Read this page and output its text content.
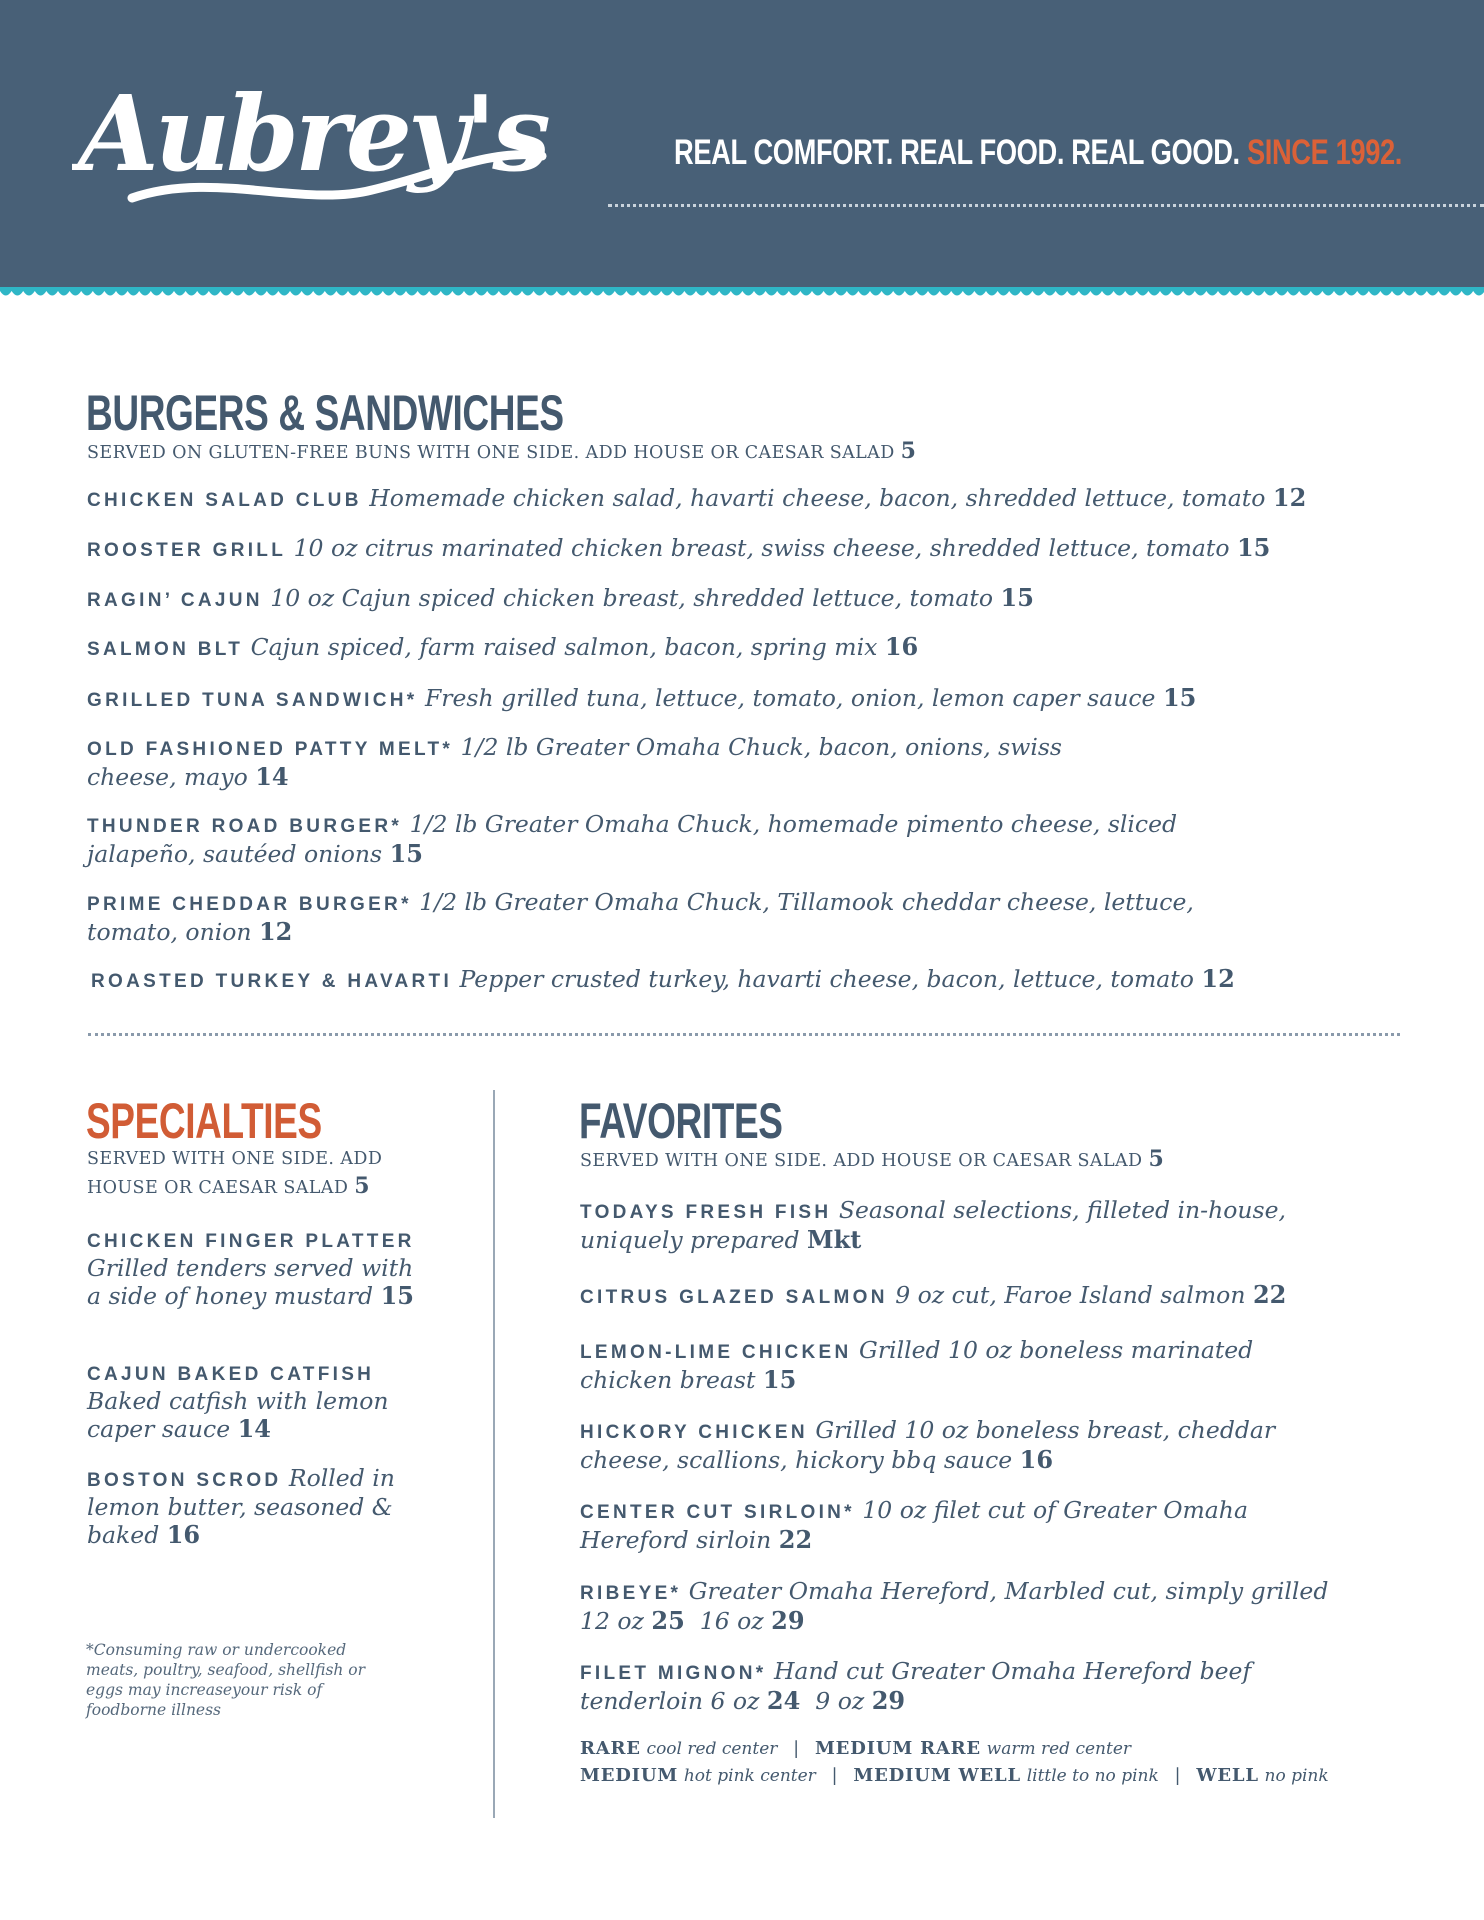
Aubrey's	REAL COMFORT. REAL FOOD. REAL GOOD. SINCE 1992.
BURGERS & SANDWICHES
SERVED ON GLUTEN-FREE BUNS WITH ONE SIDE. ADD HOUSE OR CAESAR SALAD 5
CHICKEN SALAD CLUB Homemade chicken salad, havarti cheese, bacon, shredded lettuce, tomato 12
ROOSTER GRILL 10 oz citrus marinated chicken breast, swiss cheese, shredded lettuce, tomato 15
RAGIN’ CAJUN 10 oz Cajun spiced chicken breast, shredded lettuce, tomato 15
SALMON BLT Cajun spiced, farm raised salmon, bacon, spring mix 16
GRILLED TUNA SANDWICH* Fresh grilled tuna, lettuce, tomato, onion, lemon caper sauce 15
OLD FASHIONED PATTY MELT* 1/2 lb Greater Omaha Chuck, bacon, onions, swiss cheese, mayo 14
THUNDER ROAD BURGER* 1/2 lb Greater Omaha Chuck, homemade pimento cheese, sliced jalapeño, sautéed onions 15
PRIME CHEDDAR BURGER* 1/2 lb Greater Omaha Chuck, Tillamook cheddar cheese, lettuce, tomato, onion 12
ROASTED TURKEY & HAVARTI Pepper crusted turkey, havarti cheese, bacon, lettuce, tomato 12
SPECIALTIES
SERVED WITH ONE SIDE. ADD HOUSE OR CAESAR SALAD 5
CHICKEN FINGER PLATTER Grilled tenders served with a side of honey mustard 15
CAJUN BAKED CATFISH
Baked catfish with lemon caper sauce 14
BOSTON SCROD Rolled in lemon butter, seasoned & baked 16
*Consuming raw or undercooked meats, poultry, seafood, shellfish or eggs may increaseyour risk of foodborne illness
FAVORITES
SERVED WITH ONE SIDE. ADD HOUSE OR CAESAR SALAD 5
TODAYS FRESH FISH Seasonal selections, filleted in-house, uniquely prepared Mkt
CITRUS GLAZED SALMON 9 oz cut, Faroe Island salmon 22
LEMON-LIME CHICKEN Grilled 10 oz boneless marinated chicken breast 15
HICKORY CHICKEN Grilled 10 oz boneless breast, cheddar cheese, scallions, hickory bbq sauce 16
CENTER CUT SIRLOIN* 10 oz filet cut of Greater Omaha Hereford sirloin 22
RIBEYE* Greater Omaha Hereford, Marbled cut, simply grilled
12 oz 25 16 oz 29
FILET MIGNON* Hand cut Greater Omaha Hereford beef tenderloin 6 oz 24 9 oz 29
RARE cool red center | MEDIUM RARE warm red center
MEDIUM hot pink center | MEDIUM WELL little to no pink | WELL no pink
